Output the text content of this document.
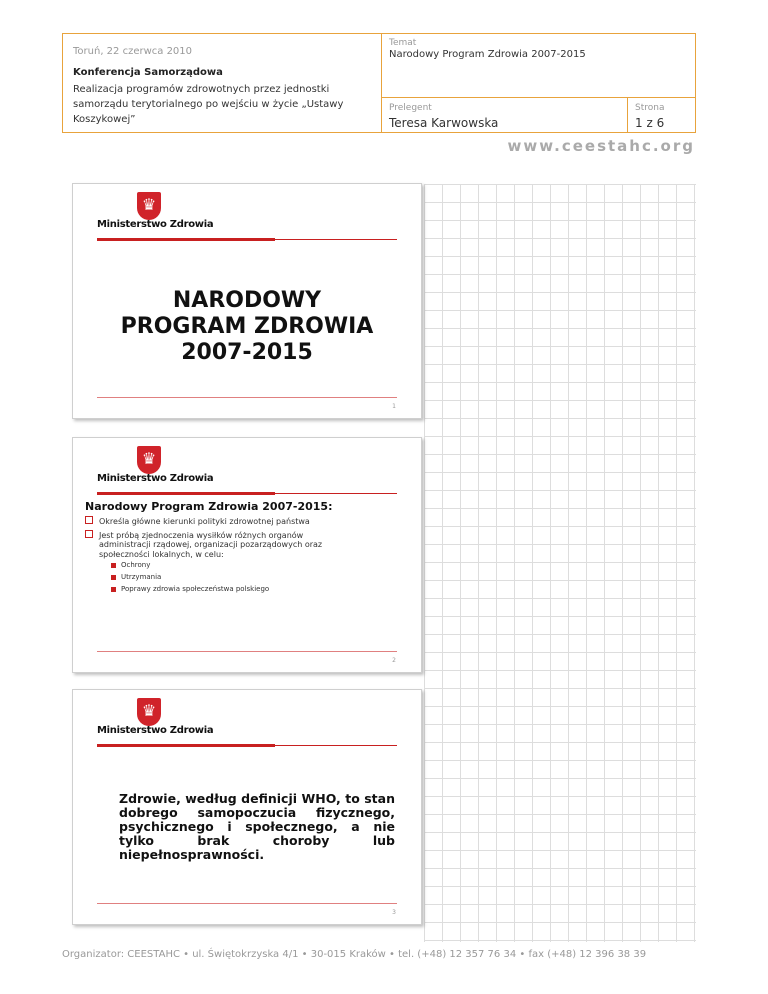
Toruń, 22 czerwca 2010
Konferencja Samorządowa
Realizacja programów zdrowotnych przez jednostki samorządu terytorialnego po wejściu w życie „Ustawy Koszykowej”
Temat
Narodowy Program Zdrowia 2007-2015
Prelegent
Teresa Karwowska
Strona
1 z 6
www.ceestahc.org
♛
Ministerstwo Zdrowia
NARODOWY
PROGRAM ZDROWIA
2007-2015
1
♛
Ministerstwo Zdrowia
Narodowy Program Zdrowia 2007-2015:
Określa główne kierunki polityki zdrowotnej państwa
Jest próbą zjednoczenia wysiłków różnych organów
administracji rządowej, organizacji pozarządowych oraz
społeczności lokalnych, w celu:
Ochrony
Utrzymania
Poprawy zdrowia społeczeństwa polskiego
2
♛
Ministerstwo Zdrowia
Zdrowie, według definicji WHO, to stan dobrego samopoczucia fizycznego, psychicznego i społecznego, a nie tylko brak choroby lub niepełnosprawności.
3
Organizator: CEESTAHC • ul. Świętokrzyska 4/1 • 30-015 Kraków • tel. (+48) 12 357 76 34 • fax (+48) 12 396 38 39
